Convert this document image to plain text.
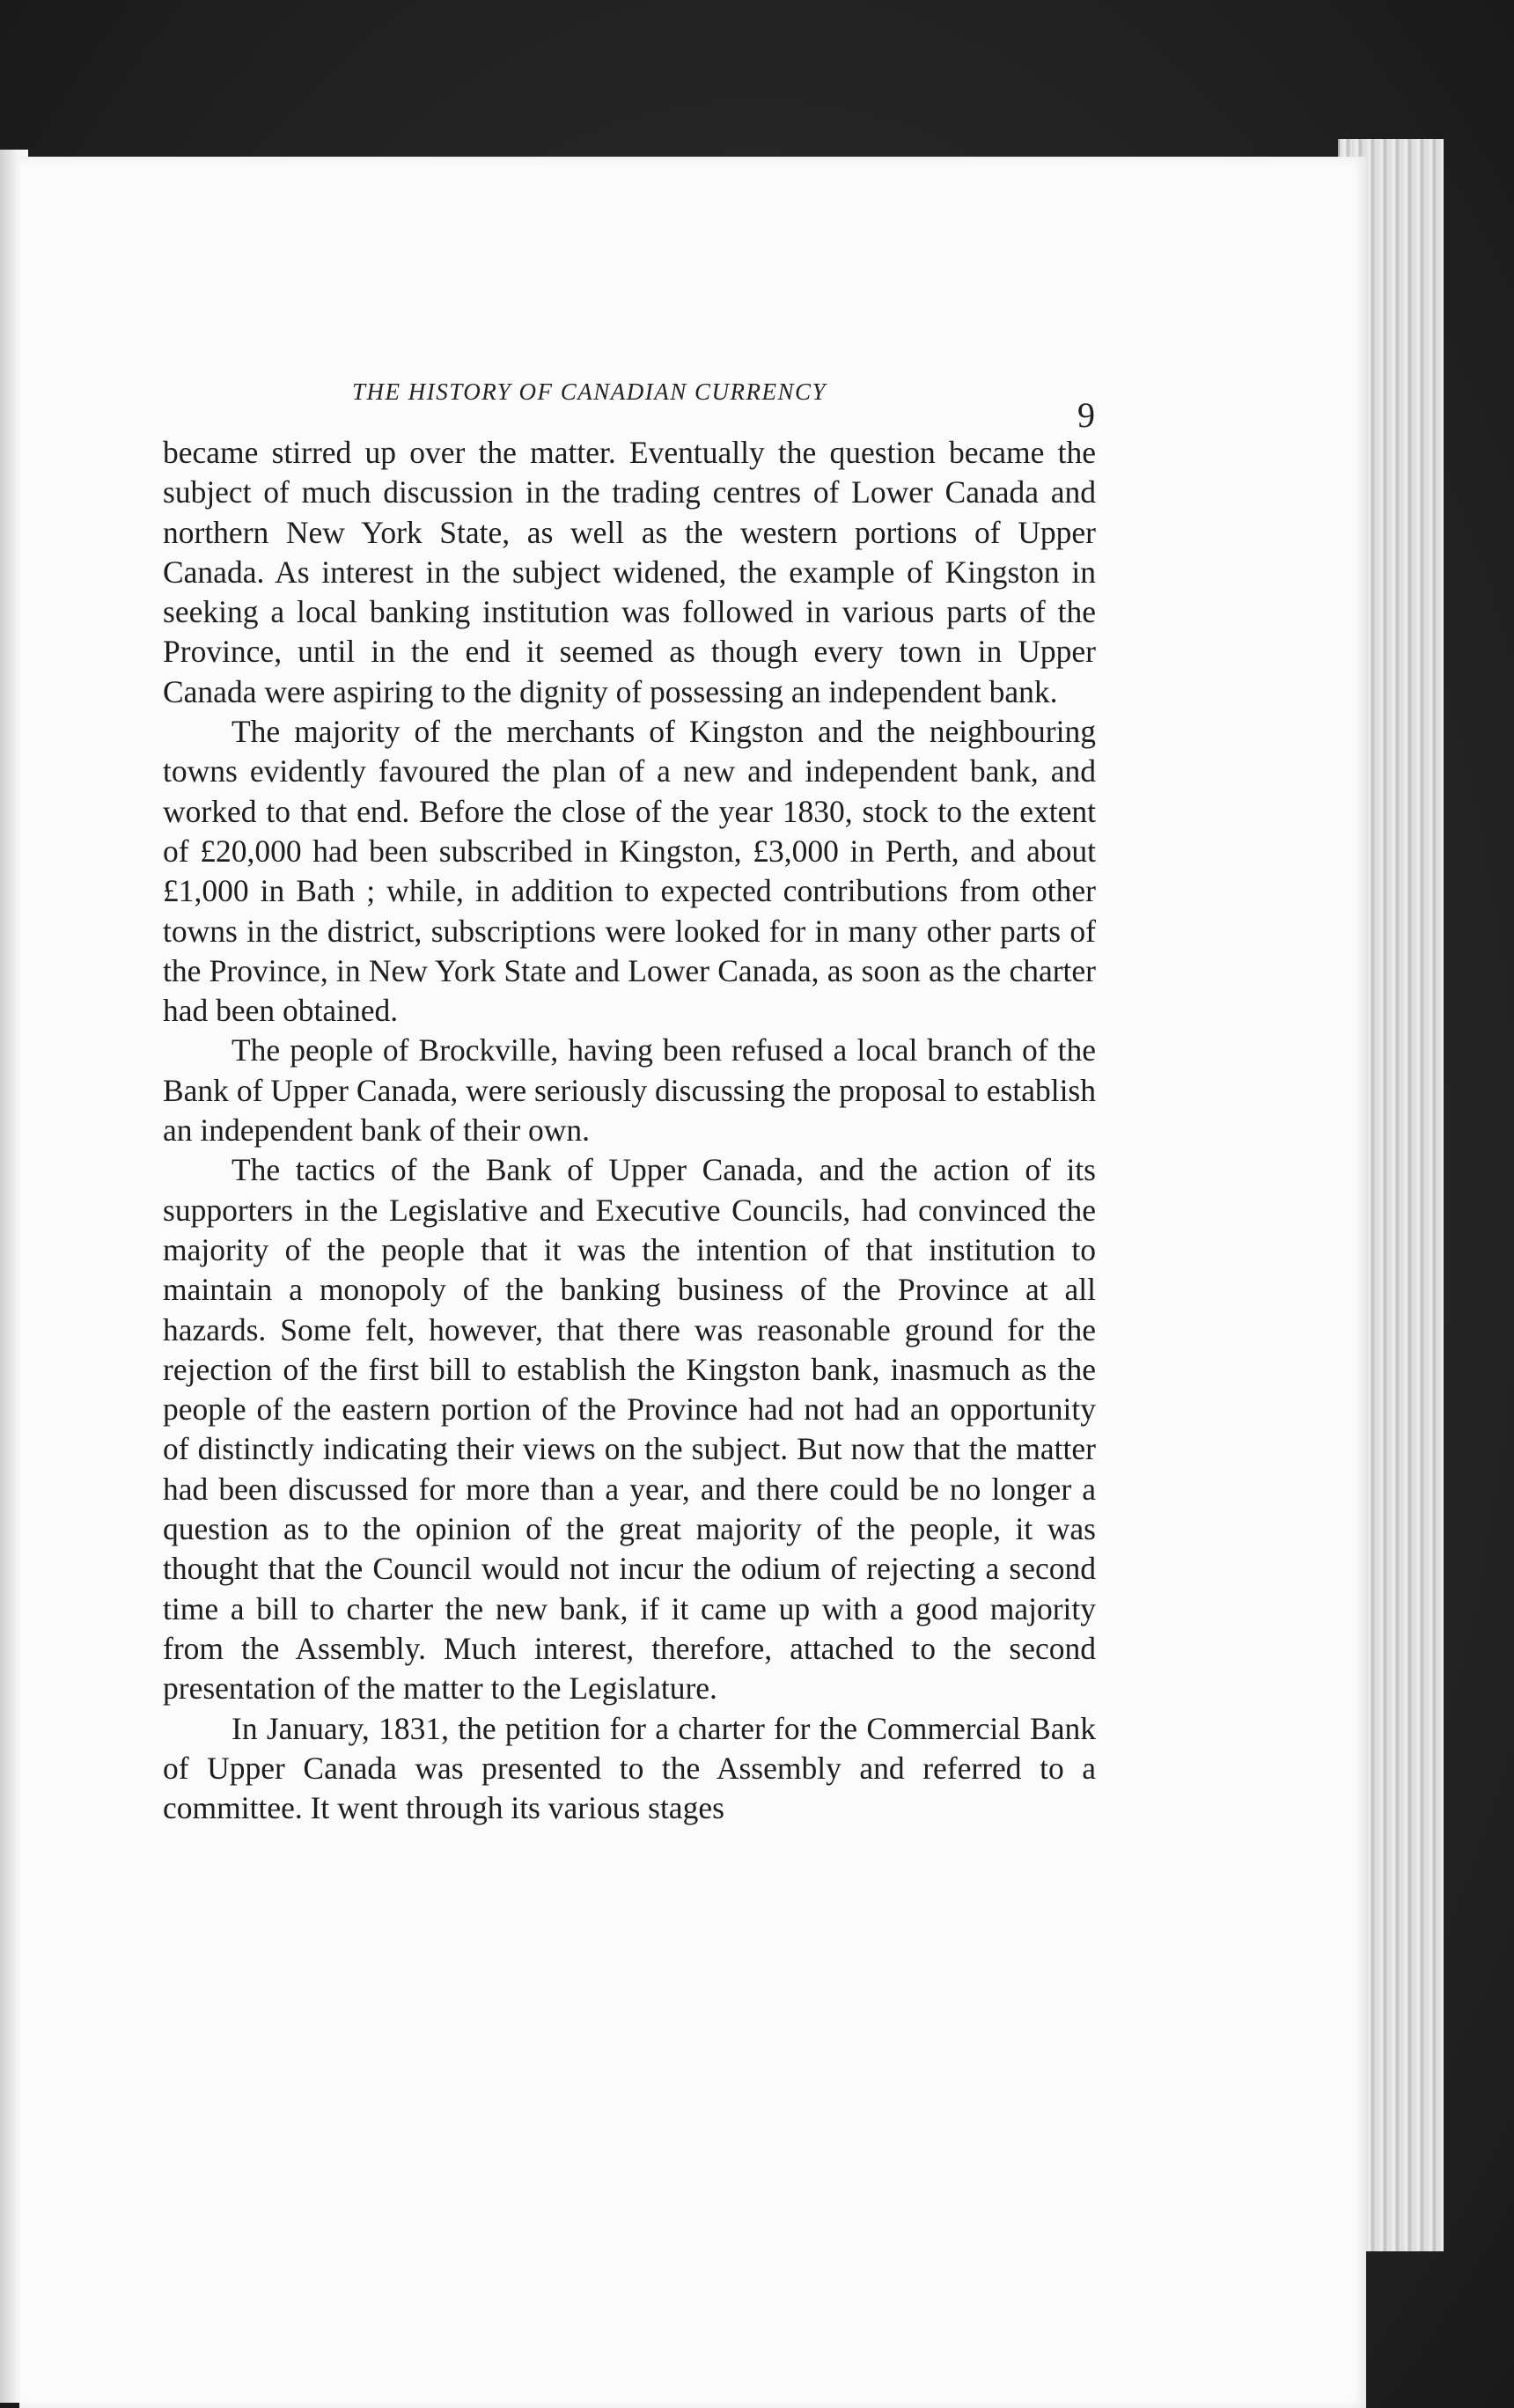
THE HISTORY OF CANADIAN CURRENCY
9

became stirred up over the matter. Eventually the question became the subject of much discussion in the trading centres of Lower Canada and northern New York State, as well as the western portions of Upper Canada. As interest in the subject widened, the example of Kingston in seeking a local banking institution was followed in various parts of the Province, until in the end it seemed as though every town in Upper Canada were aspiring to the dignity of possessing an independent bank.

The majority of the merchants of Kingston and the neighbouring towns evidently favoured the plan of a new and independent bank, and worked to that end. Before the close of the year 1830, stock to the extent of £20,000 had been subscribed in Kingston, £3,000 in Perth, and about £1,000 in Bath ; while, in addition to expected contributions from other towns in the district, subscriptions were looked for in many other parts of the Province, in New York State and Lower Canada, as soon as the charter had been obtained.

The people of Brockville, having been refused a local branch of the Bank of Upper Canada, were seriously discussing the proposal to establish an independent bank of their own.

The tactics of the Bank of Upper Canada, and the action of its supporters in the Legislative and Executive Councils, had convinced the majority of the people that it was the intention of that institution to maintain a monopoly of the banking business of the Province at all hazards. Some felt, however, that there was reasonable ground for the rejection of the first bill to establish the Kingston bank, inasmuch as the people of the eastern portion of the Province had not had an opportunity of distinctly indicating their views on the subject. But now that the matter had been discussed for more than a year, and there could be no longer a question as to the opinion of the great majority of the people, it was thought that the Council would not incur the odium of rejecting a second time a bill to charter the new bank, if it came up with a good majority from the Assembly. Much interest, therefore, attached to the second presentation of the matter to the Legislature.

In January, 1831, the petition for a charter for the Commercial Bank of Upper Canada was presented to the Assembly and referred to a committee. It went through its various stages
